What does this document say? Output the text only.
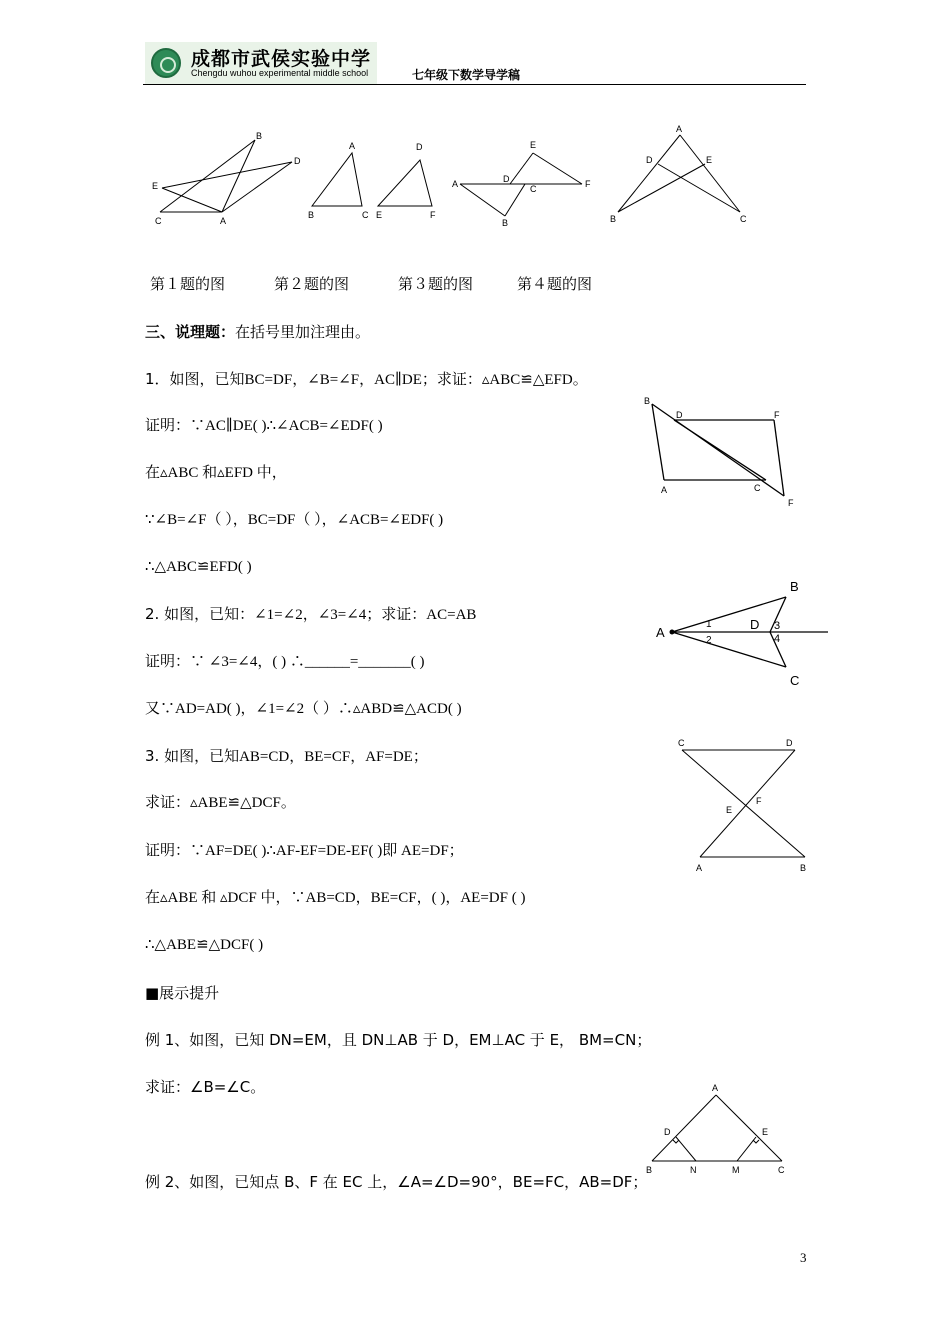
成都市武侯实验中学
Chengdu wuhou experimental middle school	七年级下数学导学稿
B
D
E
C	A
A	D
B	C E	F
E
D
C
A	F
B
A
D	E
B	C
第１题的图	第２题的图	第３题的图	第４题的图
三、说理题：在括号里加注理由。
1．如图，已知BC=DF，∠B=∠F，AC∥DE；求证：▵ABC≌△EFD。
证明：∵AC∥DE( )∴∠ACB=∠EDF( )
在▵ABC 和▵EFD 中，
∵∠B=∠F（ ），BC=DF（ ），∠ACB=∠EDF( )
∴△ABC≌EFD( )
B
D	F
A	C
F
2. 如图，已知：∠1=∠2，∠3=∠4；求证：AC=AB
证明：∵ ∠3=∠4，( ) ∴______=_______( )
又∵AD=AD( )，∠1=∠2（ ）∴▵ABD≌△ACD( )
B
A
D 3
1
2	4
C
3. 如图，已知AB=CD，BE=CF，AF=DE；
求证：▵ABE≌△DCF。
证明：∵AF=DE( )∴AF-EF=DE-EF( )即 AE=DF；
在▵ABE 和 ▵DCF 中，∵AB=CD，BE=CF，( )，AE=DF ( )
∴△ABE≌△DCF( )
C	D
E
F
A	B
■展示提升
例 1、如图，已知 DN=EM，且 DN⊥AB 于 D，EM⊥AC 于 E， BM=CN；
求证：∠B=∠C。	A
D	E
B	N	M	C
例 2、如图，已知点 B、F 在 EC 上，∠A=∠D=90°，BE=FC，AB=DF；
3
